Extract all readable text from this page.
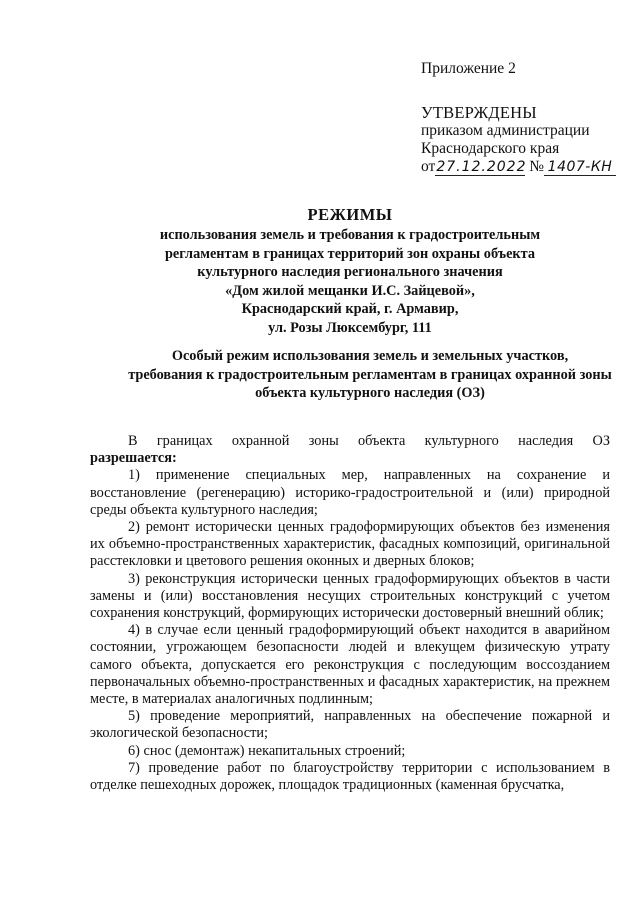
Приложение 2
УТВЕРЖДЕНЫ
приказом администрации
Краснодарского края
от27.12.2022 № 1407-КН
РЕЖИМЫ
использования земель и требования к градостроительным
регламентам в границах территорий зон охраны объекта
культурного наследия регионального значения
«Дом жилой мещанки И.С. Зайцевой»,
Краснодарский край, г. Армавир,
ул. Розы Люксембург, 111
Особый режим использования земель и земельных участков,
требования к градостроительным регламентам в границах охранной зоны
объекта культурного наследия (ОЗ)

В границах охранной зоны объекта культурного наследия ОЗ

разрешается:

1) применение специальных мер, направленных на сохранение и восстановление (регенерацию) историко-градостроительной и (или) природной среды объекта культурного наследия;

2) ремонт исторически ценных градоформирующих объектов без изменения их объемно-пространственных характеристик, фасадных композиций, оригинальной расстекловки и цветового решения оконных и дверных блоков;

3) реконструкция исторически ценных градоформирующих объектов в части замены и (или) восстановления несущих строительных конструкций с учетом сохранения конструкций, формирующих исторически достоверный внешний облик;

4) в случае если ценный градоформирующий объект находится в аварийном состоянии, угрожающем безопасности людей и влекущем физическую утрату самого объекта, допускается его реконструкция с последующим воссозданием первоначальных объемно-пространственных и фасадных характеристик, на прежнем месте, в материалах аналогичных подлинным;

5) проведение мероприятий, направленных на обеспечение пожарной и экологической безопасности;

6) снос (демонтаж) некапитальных строений;

7) проведение работ по благоустройству территории с использованием в отделке пешеходных дорожек, площадок традиционных (каменная брусчатка,
